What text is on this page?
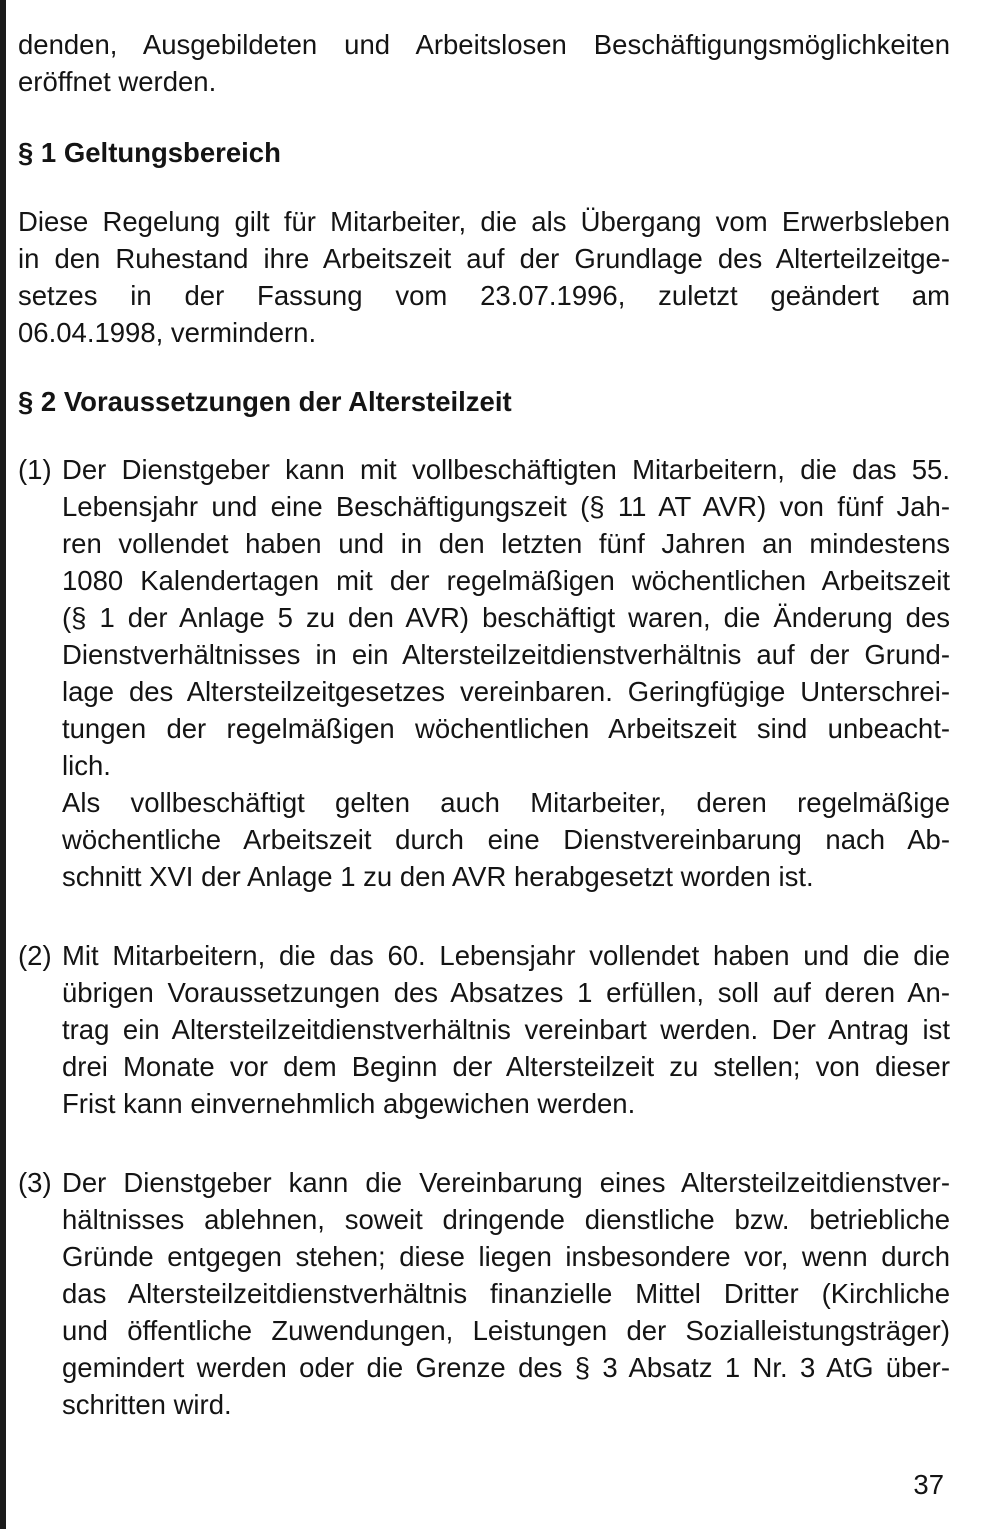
denden, Ausgebildeten und Arbeitslosen Beschäftigungsmöglichkeiten
eröffnet werden.

§ 1 Geltungsbereich

Diese Regelung gilt für Mitarbeiter, die als Übergang vom Erwerbsleben
in den Ruhestand ihre Arbeitszeit auf der Grundlage des Alterteilzeitge-
setzes in der Fassung vom 23.07.1996, zuletzt geändert am
06.04.1998, vermindern.

§ 2 Voraussetzungen der Altersteilzeit
(1) Der Dienstgeber kann mit vollbeschäftigten Mitarbeitern, die das 55.
Lebensjahr und eine Beschäftigungszeit (§ 11 AT AVR) von fünf Jah-
ren vollendet haben und in den letzten fünf Jahren an mindestens
1080 Kalendertagen mit der regelmäßigen wöchentlichen Arbeitszeit
(§ 1 der Anlage 5 zu den AVR) beschäftigt waren, die Änderung des
Dienstverhältnisses in ein Altersteilzeitdienstverhältnis auf der Grund-
lage des Altersteilzeitgesetzes vereinbaren. Geringfügige Unterschrei-
tungen der regelmäßigen wöchentlichen Arbeitszeit sind unbeacht-
lich.
Als vollbeschäftigt gelten auch Mitarbeiter, deren regelmäßige
wöchentliche Arbeitszeit durch eine Dienstvereinbarung nach Ab-
schnitt XVI der Anlage 1 zu den AVR herabgesetzt worden ist.

(2) Mit Mitarbeitern, die das 60. Lebensjahr vollendet haben und die die
übrigen Voraussetzungen des Absatzes 1 erfüllen, soll auf deren An-
trag ein Altersteilzeitdienstverhältnis vereinbart werden. Der Antrag ist
drei Monate vor dem Beginn der Altersteilzeit zu stellen; von dieser
Frist kann einvernehmlich abgewichen werden.

(3) Der Dienstgeber kann die Vereinbarung eines Altersteilzeitdienstver-
hältnisses ablehnen, soweit dringende dienstliche bzw. betriebliche
Gründe entgegen stehen; diese liegen insbesondere vor, wenn durch
das Altersteilzeitdienstverhältnis finanzielle Mittel Dritter (Kirchliche
und öffentliche Zuwendungen, Leistungen der Sozialleistungsträger)
gemindert werden oder die Grenze des § 3 Absatz 1 Nr. 3 AtG über-
schritten wird.

37
